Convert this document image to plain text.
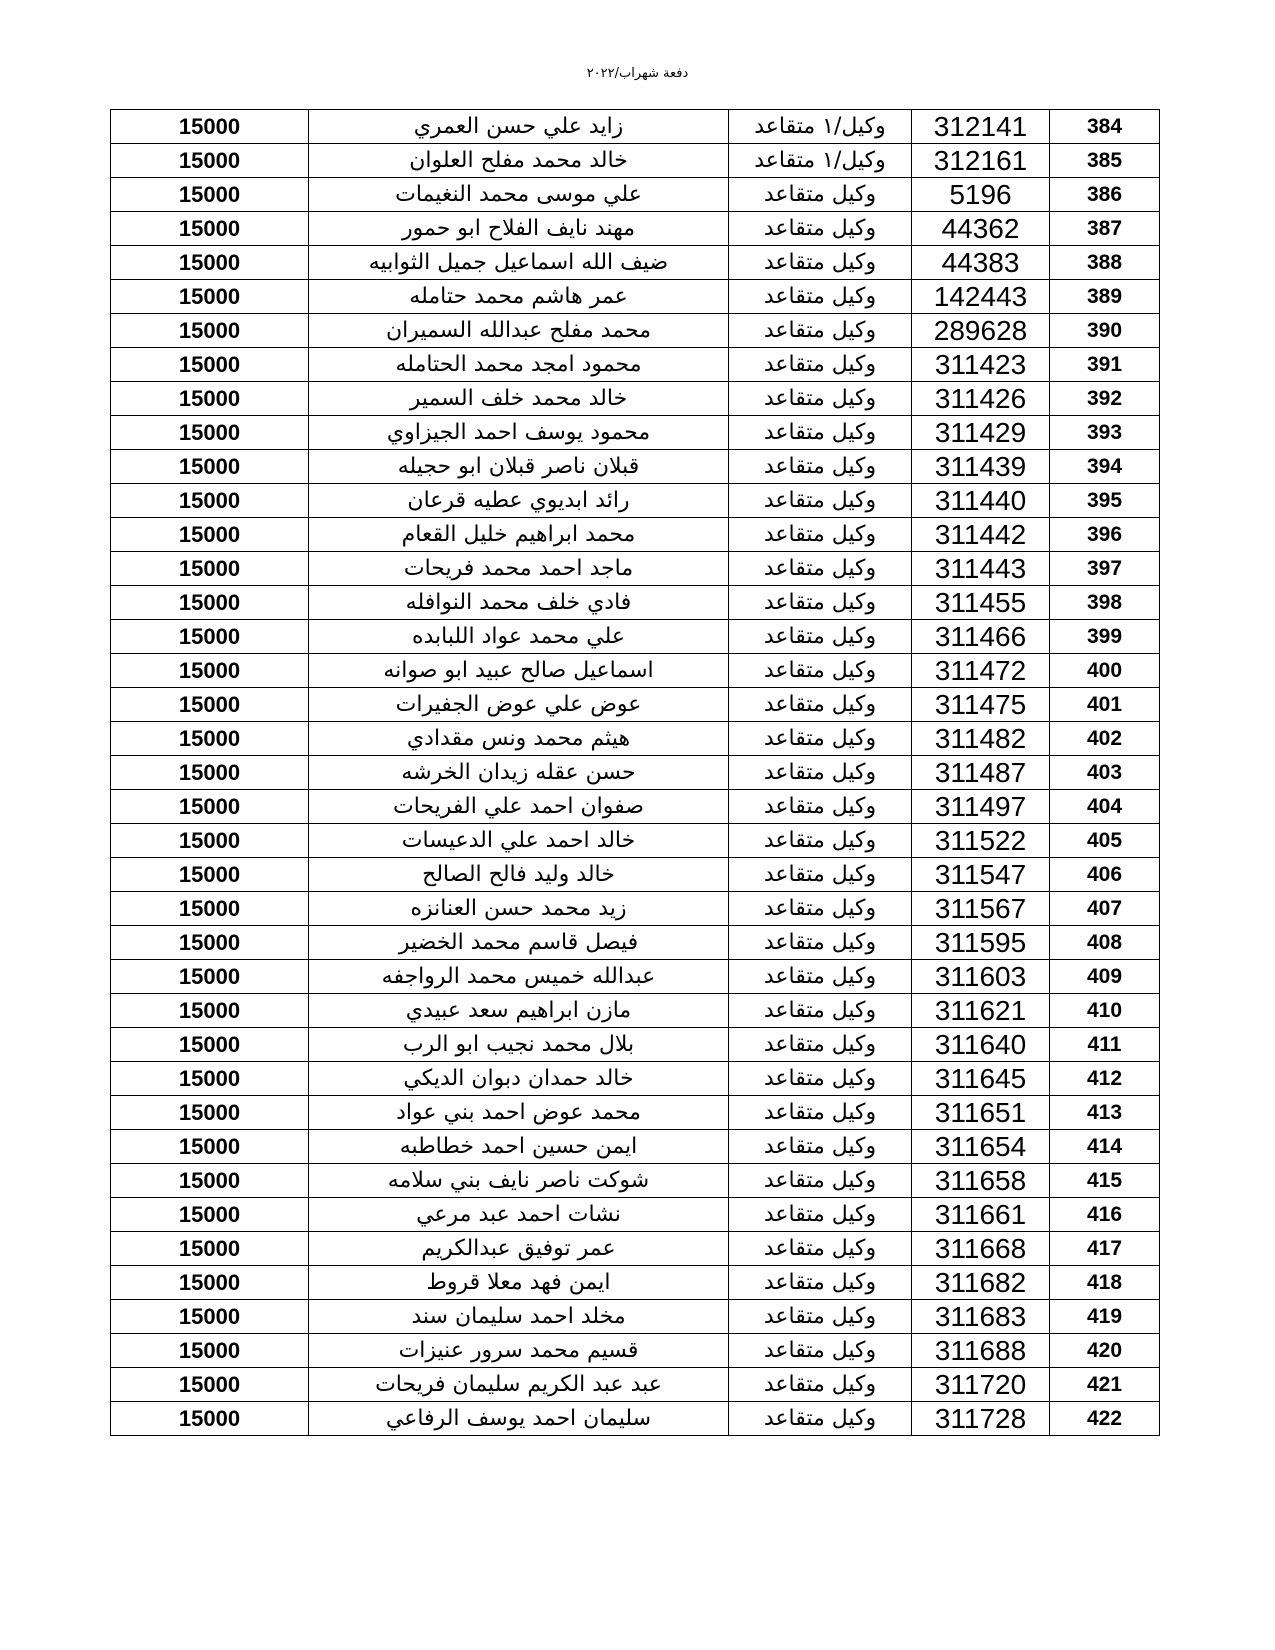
دفعة شهراب/٢٠٢٢
15000	زايد علي حسن العمري	وكيل/١ متقاعد	312141	384
15000	خالد محمد مفلح العلوان	وكيل/١ متقاعد	312161	385
15000	علي موسى محمد النغيمات	وكيل متقاعد	5196	386
15000	مهند نايف الفلاح ابو حمور	وكيل متقاعد	44362	387
15000	ضيف الله اسماعيل جميل الثوابيه	وكيل متقاعد	44383	388
15000	عمر هاشم محمد حتامله	وكيل متقاعد	142443	389
15000	محمد مفلح عبدالله السميران	وكيل متقاعد	289628	390
15000	محمود امجد محمد الحتامله	وكيل متقاعد	311423	391
15000	خالد محمد خلف السمير	وكيل متقاعد	311426	392
15000	محمود يوسف احمد الجيزاوي	وكيل متقاعد	311429	393
15000	قبلان ناصر قبلان ابو حجيله	وكيل متقاعد	311439	394
15000	رائد ابديوي عطيه قرعان	وكيل متقاعد	311440	395
15000	محمد ابراهيم خليل القعام	وكيل متقاعد	311442	396
15000	ماجد احمد محمد فريحات	وكيل متقاعد	311443	397
15000	فادي خلف محمد النوافله	وكيل متقاعد	311455	398
15000	علي محمد عواد اللبابده	وكيل متقاعد	311466	399
15000	اسماعيل صالح عبيد ابو صوانه	وكيل متقاعد	311472	400
15000	عوض علي عوض الجفيرات	وكيل متقاعد	311475	401
15000	هيثم محمد ونس مقدادي	وكيل متقاعد	311482	402
15000	حسن عقله زيدان الخرشه	وكيل متقاعد	311487	403
15000	صفوان احمد علي الفريحات	وكيل متقاعد	311497	404
15000	خالد احمد علي الدعيسات	وكيل متقاعد	311522	405
15000	خالد وليد فالح الصالح	وكيل متقاعد	311547	406
15000	زيد محمد حسن العنانزه	وكيل متقاعد	311567	407
15000	فيصل قاسم محمد الخضير	وكيل متقاعد	311595	408
15000	عبدالله خميس محمد الرواجفه	وكيل متقاعد	311603	409
15000	مازن ابراهيم سعد عبيدي	وكيل متقاعد	311621	410
15000	بلال محمد نجيب ابو الرب	وكيل متقاعد	311640	411
15000	خالد حمدان دبوان الديكي	وكيل متقاعد	311645	412
15000	محمد عوض احمد بني عواد	وكيل متقاعد	311651	413
15000	ايمن حسين احمد خطاطبه	وكيل متقاعد	311654	414
15000	شوكت ناصر نايف بني سلامه	وكيل متقاعد	311658	415
15000	نشات احمد عبد مرعي	وكيل متقاعد	311661	416
15000	عمر توفيق عبدالكريم	وكيل متقاعد	311668	417
15000	ايمن فهد معلا قروط	وكيل متقاعد	311682	418
15000	مخلد احمد سليمان سند	وكيل متقاعد	311683	419
15000	قسيم محمد سرور عنيزات	وكيل متقاعد	311688	420
15000	عبد عبد الكريم سليمان فريحات	وكيل متقاعد	311720	421
15000	سليمان احمد يوسف الرفاعي	وكيل متقاعد	311728	422
